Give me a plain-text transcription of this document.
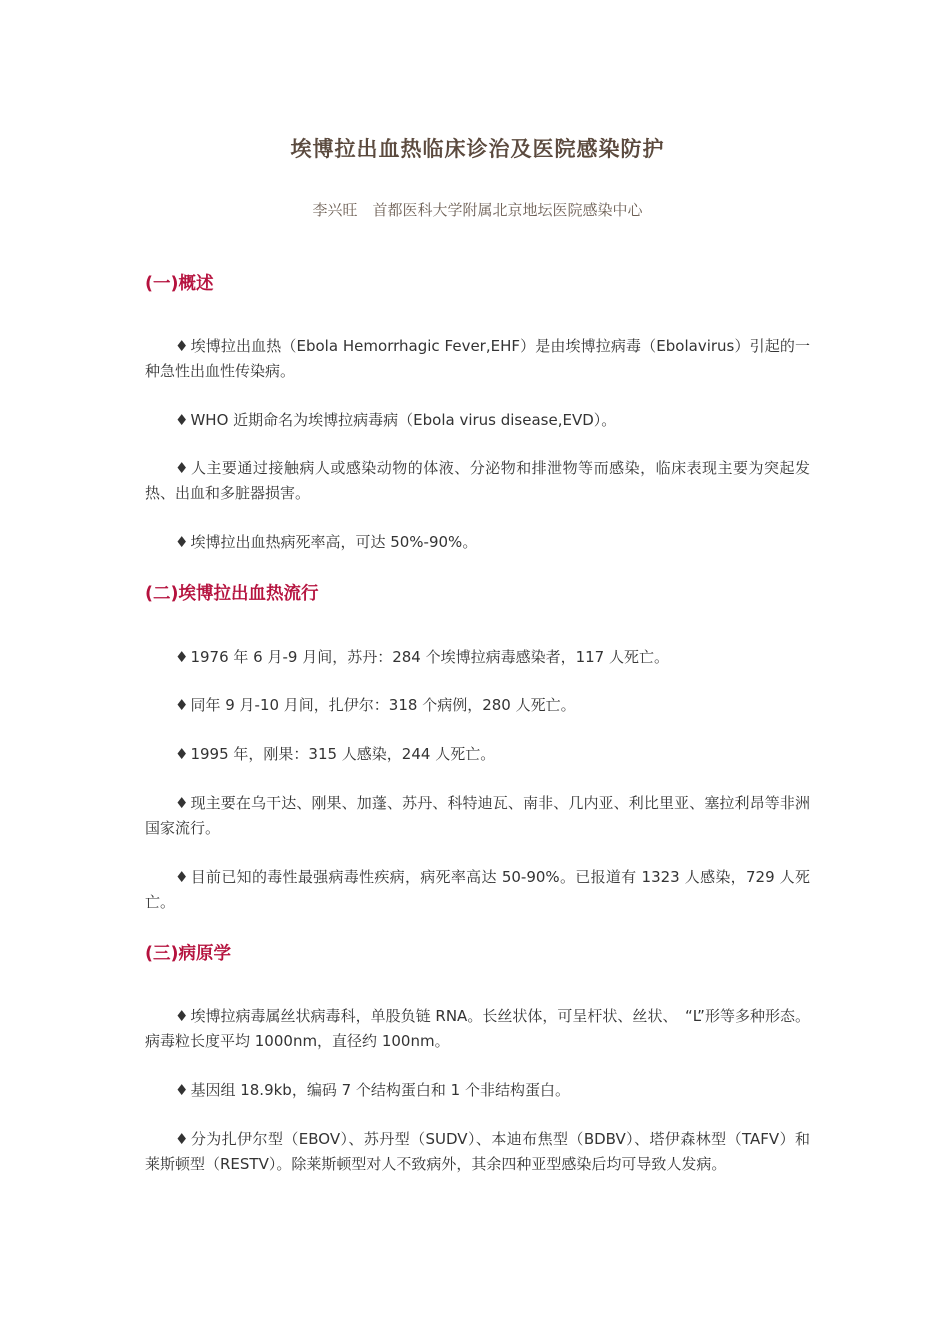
埃博拉出血热临床诊治及医院感染防护

李兴旺　首都医科大学附属北京地坛医院感染中心

(一)概述

♦ 埃博拉出血热（Ebola Hemorrhagic Fever,EHF）是由埃博拉病毒（Ebolavirus）引起的一种急性出血性传染病。

♦ WHO 近期命名为埃博拉病毒病（Ebola virus disease,EVD）。

♦ 人主要通过接触病人或感染动物的体液、分泌物和排泄物等而感染，临床表现主要为突起发热、出血和多脏器损害。

♦ 埃博拉出血热病死率高，可达 50%-90%。

(二)埃博拉出血热流行

♦ 1976 年 6 月-9 月间，苏丹：284 个埃博拉病毒感染者，117 人死亡。

♦ 同年 9 月-10 月间，扎伊尔：318 个病例，280 人死亡。

♦ 1995 年，刚果：315 人感染，244 人死亡。

♦ 现主要在乌干达、刚果、加蓬、苏丹、科特迪瓦、南非、几内亚、利比里亚、塞拉利昂等非洲国家流行。

♦ 目前已知的毒性最强病毒性疾病，病死率高达 50-90%。已报道有 1323 人感染，729 人死亡。

(三)病原学

♦ 埃博拉病毒属丝状病毒科，单股负链 RNA。长丝状体，可呈杆状、丝状、　“L”形等多种形态。病毒粒长度平均 1000nm，直径约 100nm。

♦ 基因组 18.9kb，编码 7 个结构蛋白和 1 个非结构蛋白。

♦ 分为扎伊尔型（EBOV）、苏丹型（SUDV）、本迪布焦型（BDBV）、塔伊森林型（TAFV）和莱斯顿型（RESTV）。除莱斯顿型对人不致病外，其余四种亚型感染后均可导致人发病。
